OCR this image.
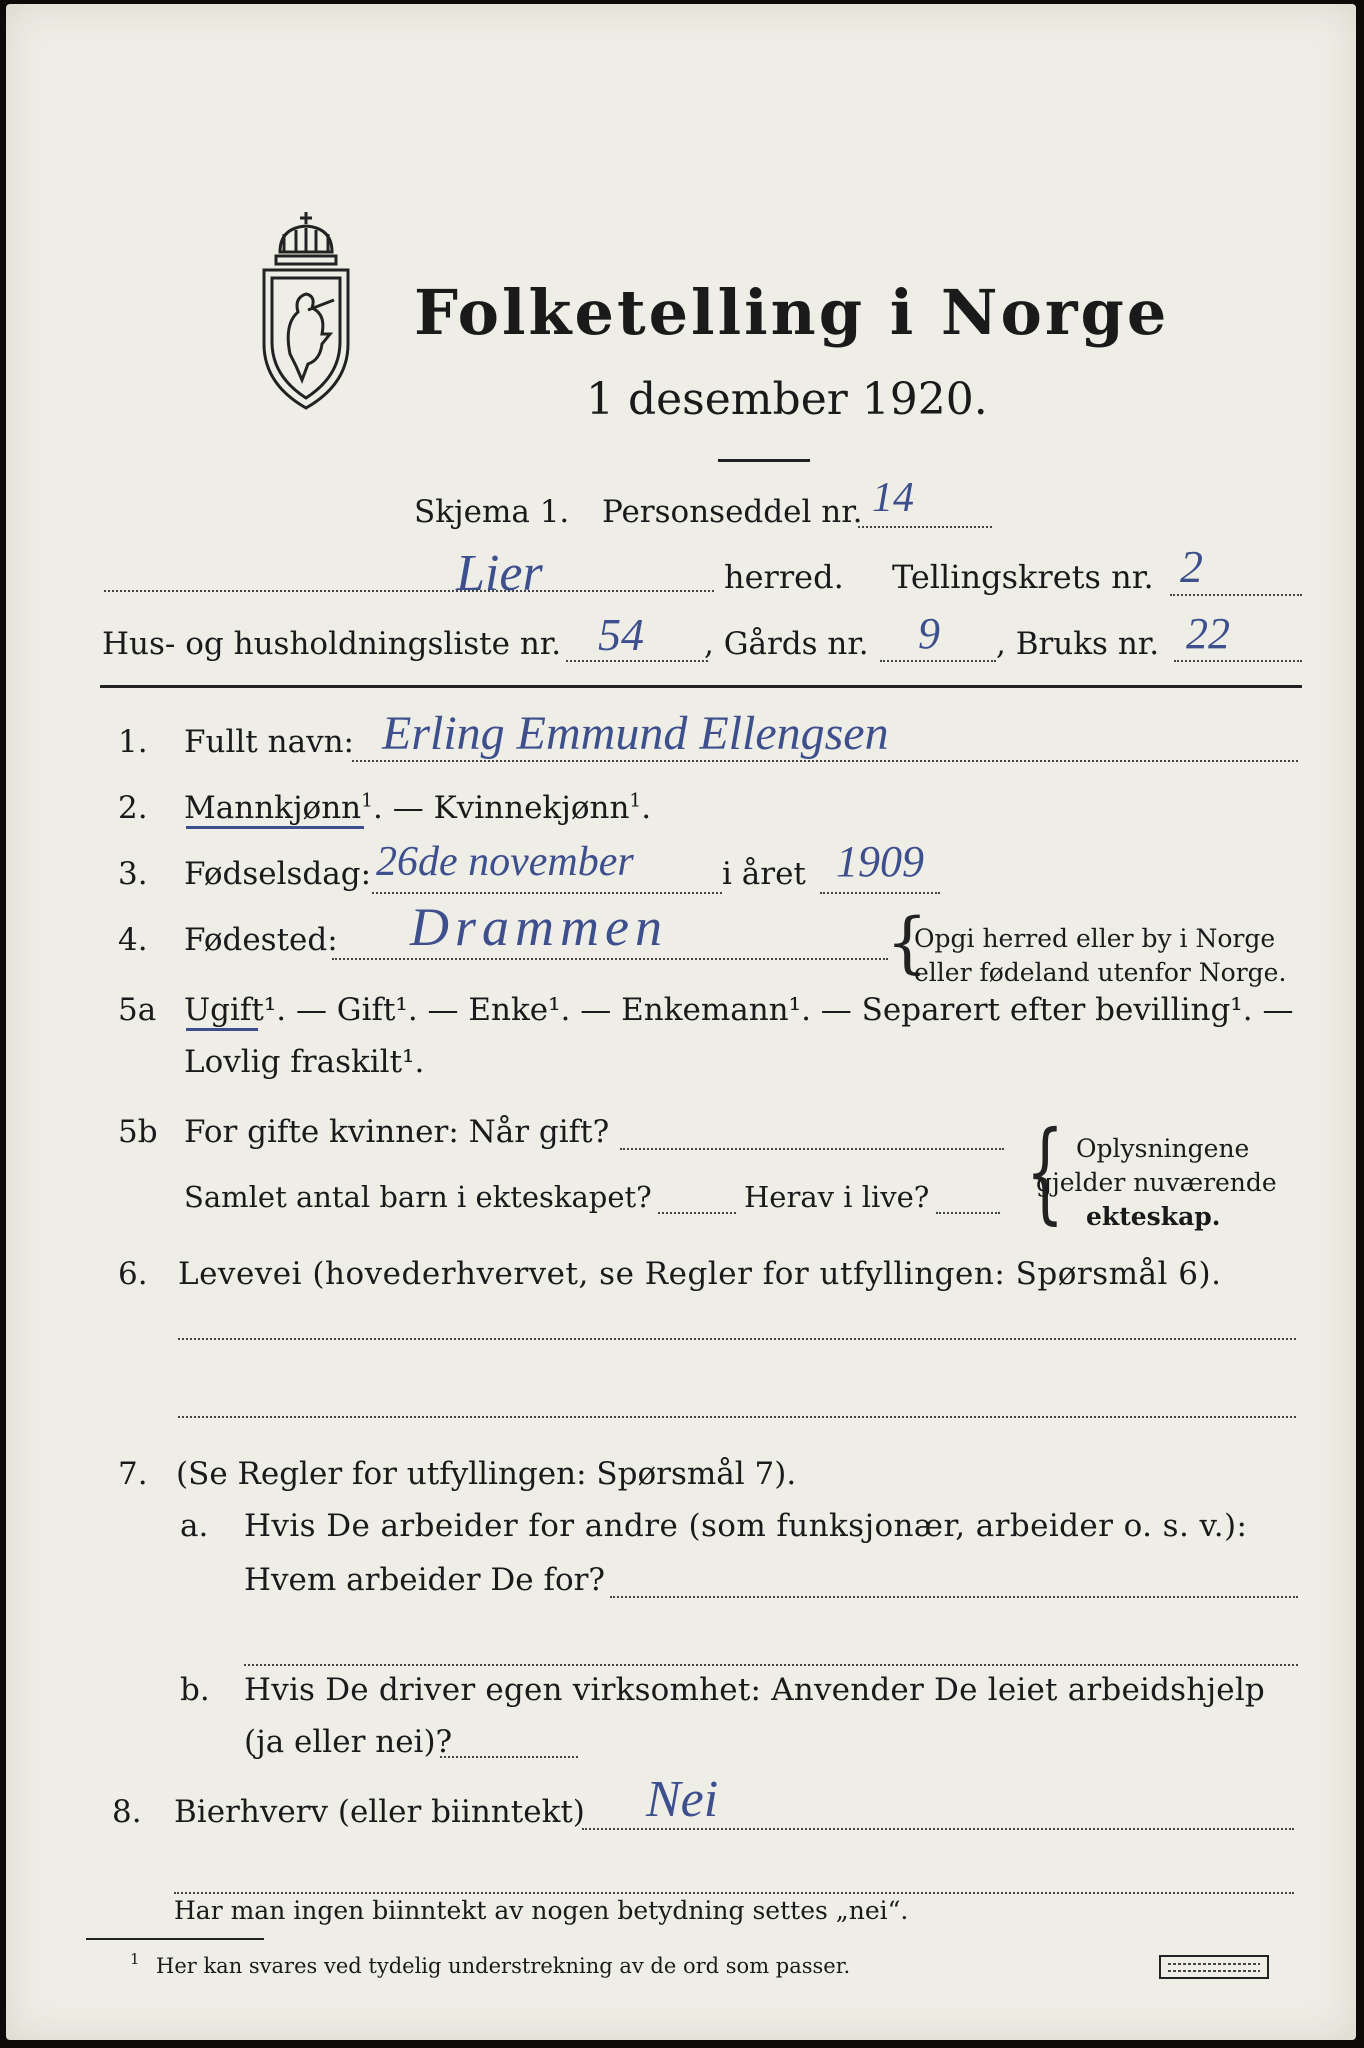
Folketelling i Norge
1 desember 1920.
Skjema 1. Personseddel nr. 14
Lier	herred. Tellingskrets nr. 2
Hus- og husholdningsliste nr. 54 , Gårds nr. 9 , Bruks nr. 22
1. Fullt navn: Erling Emmund Ellengsen
2. Mannkjønn$^1$. — Kvinnekjønn$^1$.
3. Fødselsdag: 26de november	i året 1909
4. Fødested: Drammen	{
Opgi herred eller by i Norge
eller fødeland utenfor Norge.
5a Ugift¹. — Gift¹. — Enke¹. — Enkemann¹. — Separert efter bevilling¹. —
Lovlig fraskilt¹.
5b For gifte kvinner: Når gift?
Samlet antal barn i ekteskapet?	Herav i live? { Oplysningene
gjelder nuværende
ekteskap.
6. Levevei (hovederhvervet, se Regler for utfyllingen: Spørsmål 6).
7. (Se Regler for utfyllingen: Spørsmål 7).
a. Hvis De arbeider for andre (som funksjonær, arbeider o. s. v.):
Hvem arbeider De for?
b. Hvis De driver egen virksomhet: Anvender De leiet arbeidshjelp
(ja eller nei)?
8. Bierhverv (eller biinntekt) Nei
Har man ingen biinntekt av nogen betydning settes „nei“.
1 Her kan svares ved tydelig understrekning av de ord som passer.
